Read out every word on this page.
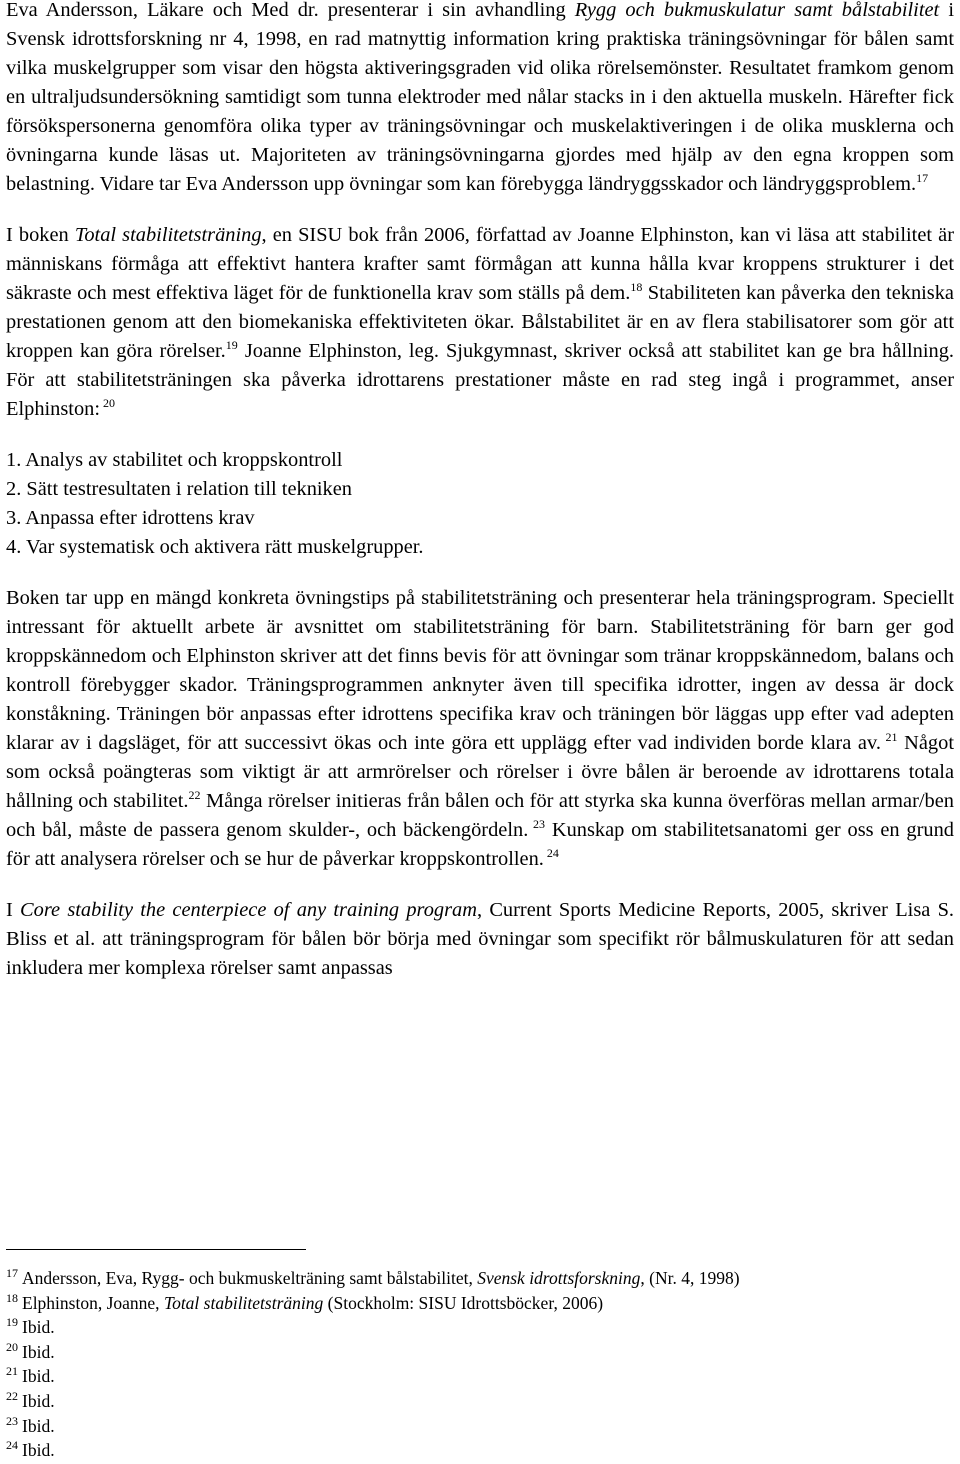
Eva Andersson, Läkare och Med dr. presenterar i sin avhandling Rygg och bukmuskulatur samt bålstabilitet i Svensk idrottsforskning nr 4, 1998, en rad matnyttig information kring praktiska träningsövningar för bålen samt vilka muskelgrupper som visar den högsta aktiveringsgraden vid olika rörelsemönster. Resultatet framkom genom en ultraljudsundersökning samtidigt som tunna elektroder med nålar stacks in i den aktuella muskeln. Härefter fick försökspersonerna genomföra olika typer av träningsövningar och muskelaktiveringen i de olika musklerna och övningarna kunde läsas ut. Majoriteten av träningsövningarna gjordes med hjälp av den egna kroppen som belastning. Vidare tar Eva Andersson upp övningar som kan förebygga ländryggsskador och ländryggsproblem.$^{17}$

I boken Total stabilitetsträning, en SISU bok från 2006, författad av Joanne Elphinston, kan vi läsa att stabilitet är människans förmåga att effektivt hantera krafter samt förmågan att kunna hålla kvar kroppens strukturer i det säkraste och mest effektiva läget för de funktionella krav som ställs på dem.$^{18}$ Stabiliteten kan påverka den tekniska prestationen genom att den biomekaniska effektiviteten ökar. Bålstabilitet är en av flera stabilisatorer som gör att kroppen kan göra rörelser.$^{19}$ Joanne Elphinston, leg. Sjukgymnast, skriver också att stabilitet kan ge bra hållning. För att stabilitetsträningen ska påverka idrottarens prestationer måste en rad steg ingå i programmet, anser Elphinston: $^{20}$

1. Analys av stabilitet och kroppskontroll
2. Sätt testresultaten i relation till tekniken
3. Anpassa efter idrottens krav
4. Var systematisk och aktivera rätt muskelgrupper.

Boken tar upp en mängd konkreta övningstips på stabilitetsträning och presenterar hela träningsprogram. Speciellt intressant för aktuellt arbete är avsnittet om stabilitetsträning för barn. Stabilitetsträning för barn ger god kroppskännedom och Elphinston skriver att det finns bevis för att övningar som tränar kroppskännedom, balans och kontroll förebygger skador. Träningsprogrammen anknyter även till specifika idrotter, ingen av dessa är dock konståkning. Träningen bör anpassas efter idrottens specifika krav och träningen bör läggas upp efter vad adepten klarar av i dagsläget, för att successivt ökas och inte göra ett upplägg efter vad individen borde klara av. $^{21}$ Något som också poängteras som viktigt är att armrörelser och rörelser i övre bålen är beroende av idrottarens totala hållning och stabilitet.$^{22}$ Många rörelser initieras från bålen och för att styrka ska kunna överföras mellan armar/ben och bål, måste de passera genom skulder-, och bäckengördeln. $^{23}$ Kunskap om stabilitetsanatomi ger oss en grund för att analysera rörelser och se hur de påverkar kroppskontrollen. $^{24}$

I Core stability the centerpiece of any training program, Current Sports Medicine Reports, 2005, skriver Lisa S. Bliss et al. att träningsprogram för bålen bör börja med övningar som specifikt rör bålmuskulaturen för att sedan inkludera mer komplexa rörelser samt anpassas

$^{17}$ Andersson, Eva, Rygg- och bukmuskelträning samt bålstabilitet, Svensk idrottsforskning, (Nr. 4, 1998)
$^{18}$ Elphinston, Joanne, Total stabilitetsträning (Stockholm: SISU Idrottsböcker, 2006)
$^{19}$ Ibid.
$^{20}$ Ibid.
$^{21}$ Ibid.
$^{22}$ Ibid.
$^{23}$ Ibid.
$^{24}$ Ibid.
